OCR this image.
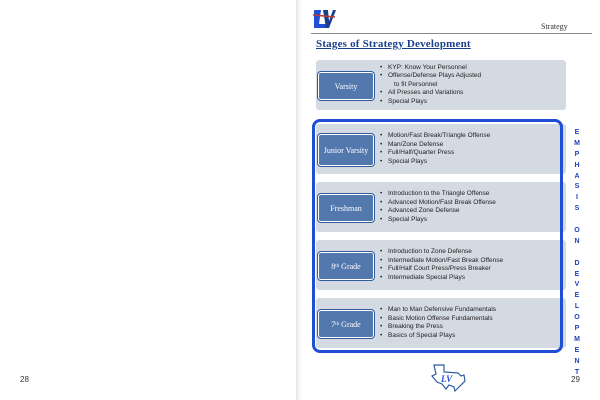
28	29
Strategy
Stages of Strategy Development
Varsity
• KYP: Know Your Personnel
• Offense/Defense Plays Adjusted
to fit Personnel
• All Presses and Variations
• Special Plays
Junior Varsity
• Motion/Fast Break/Triangle Offense
• Man/Zone Defense
• Full/Half/Quarter Press
• Special Plays
Freshman
• Introduction to the Triangle Offense
• Advanced Motion/Fast Break Offense
• Advanced Zone Defense
• Special Plays
8 th Grade
• Introduction to Zone Defense
• Intermediate Motion/Fast Break Offense
• Full/Half Court Press/Press Breaker
• Intermediate Special Plays
7 th Grade
• Man to Man Defensive Fundamentals
• Basic Motion Offense Fundamentals
• Breaking the Press
• Basics of Special Plays
E
M
P
H
A
S
I
S
O
N
D
E
V
E
L
O
P
M
E
N
T
LV
